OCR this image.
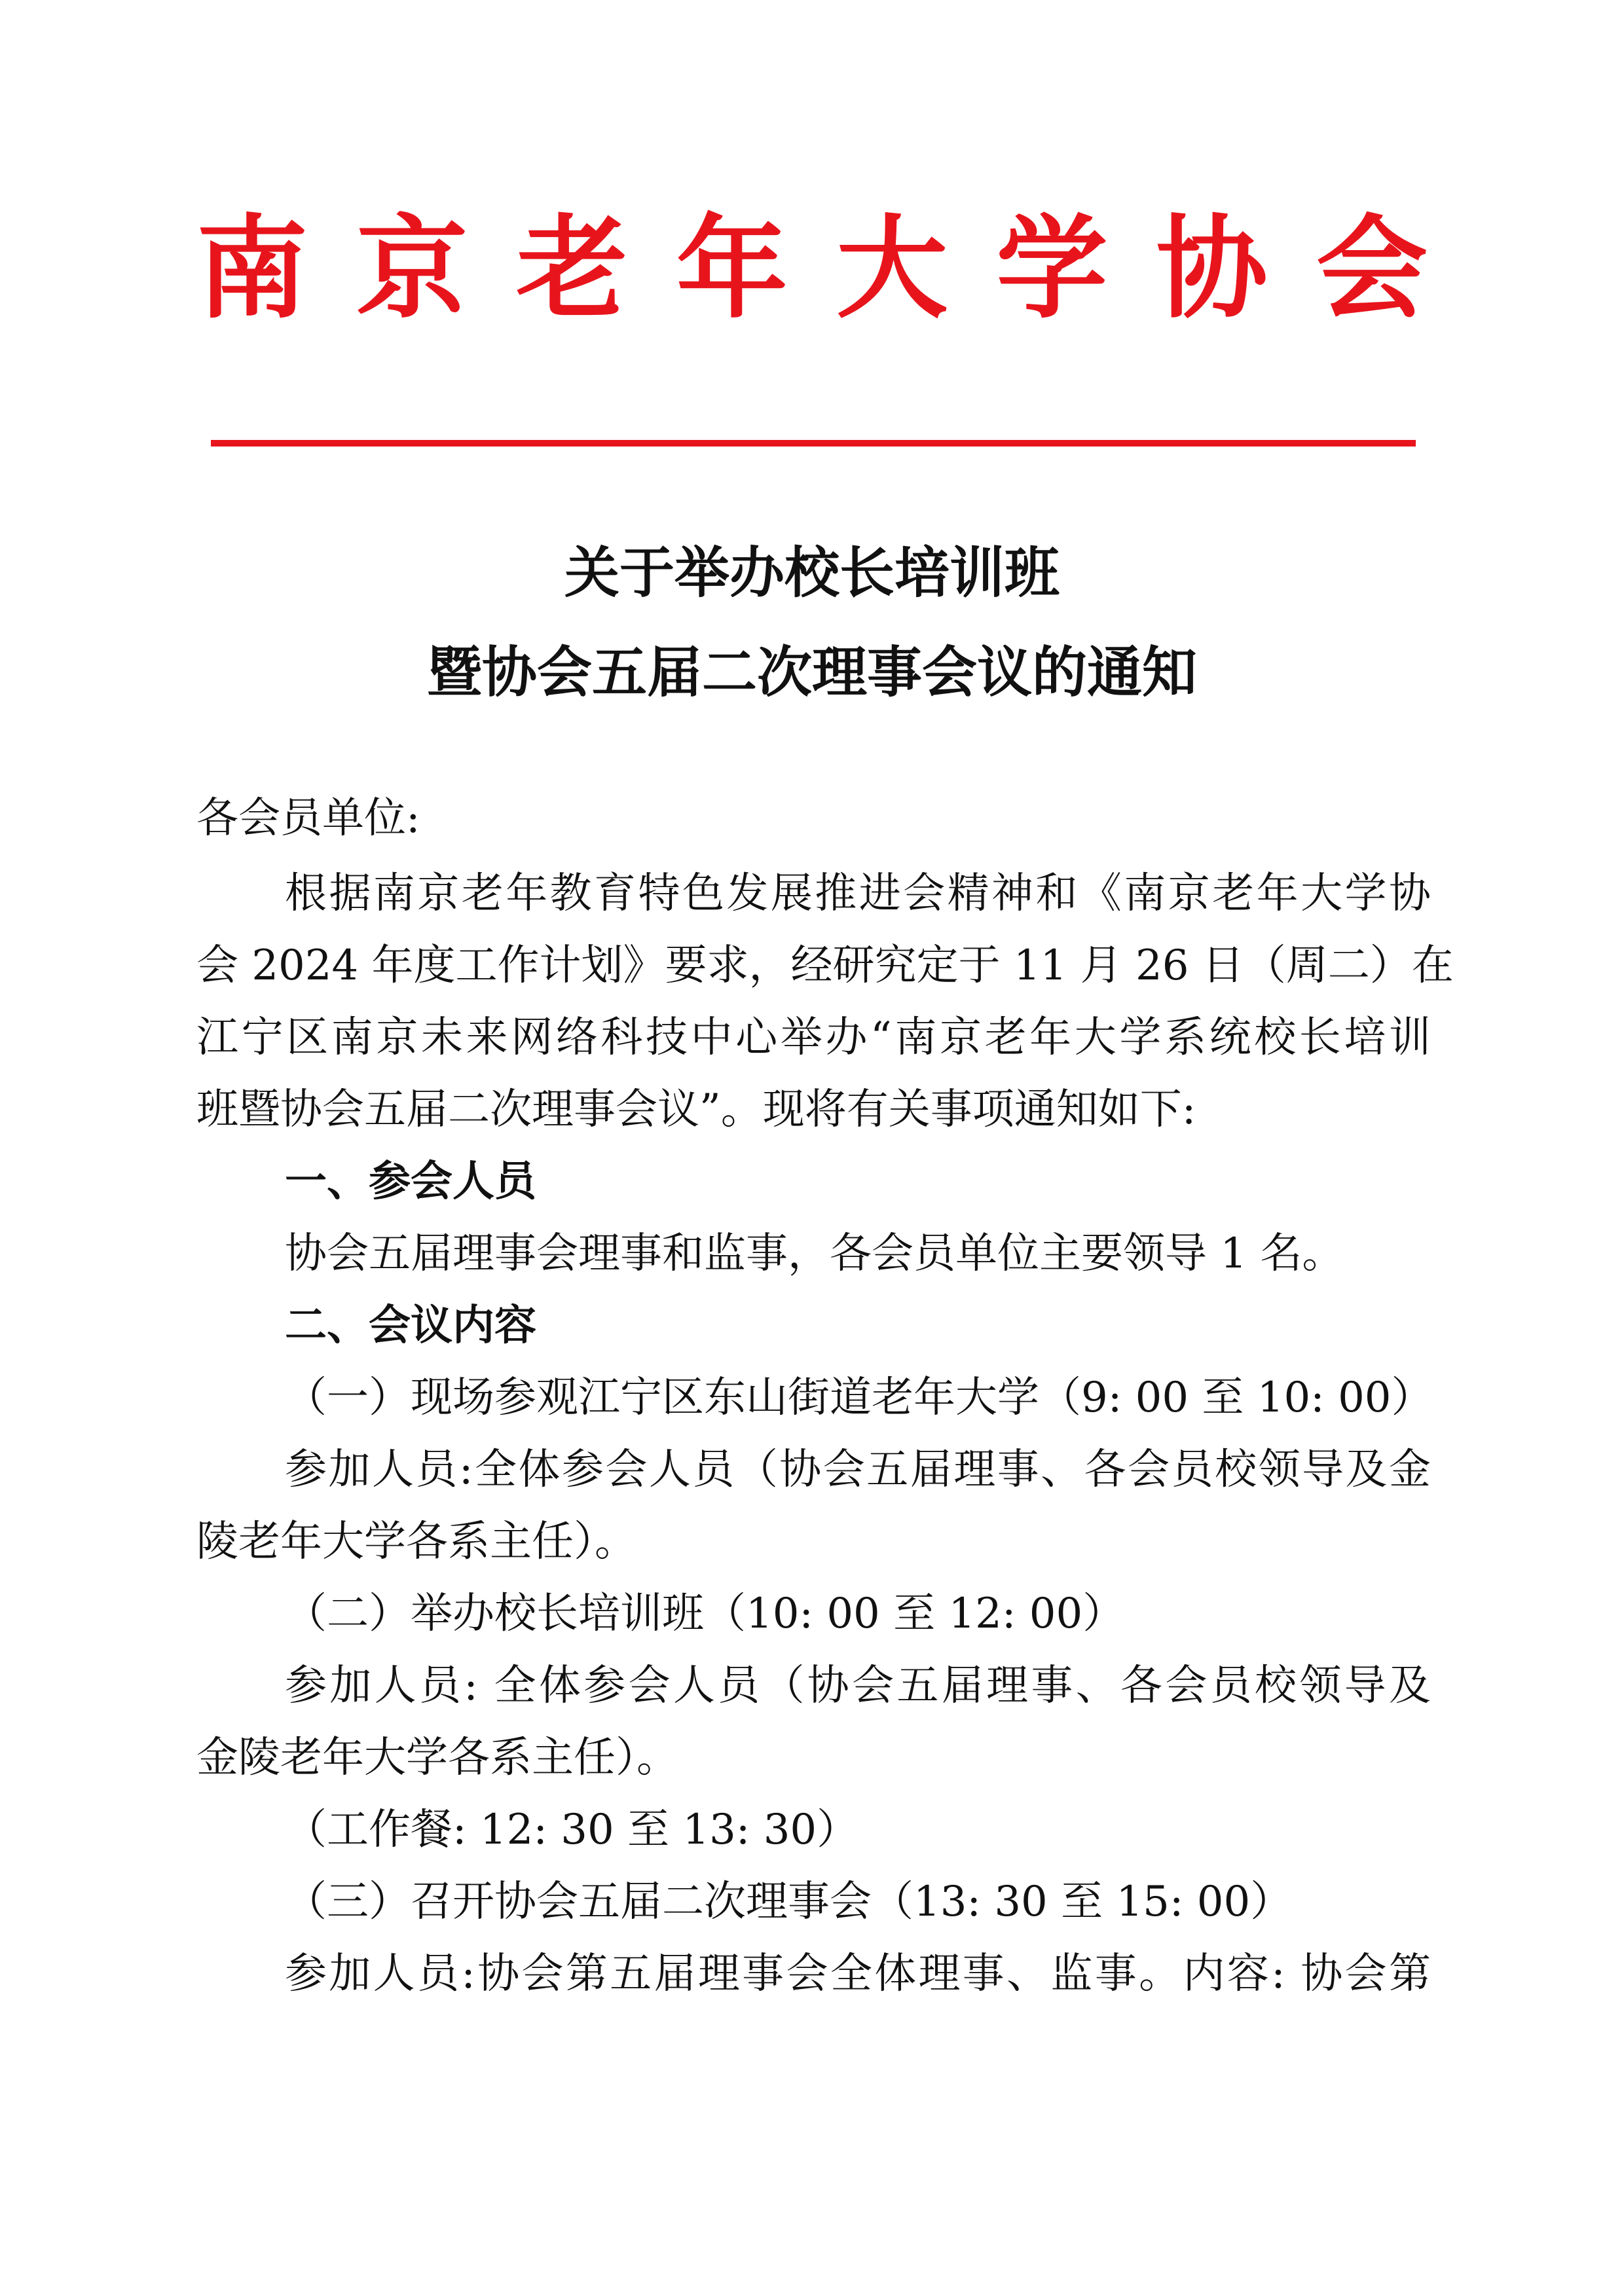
南 京 老 年 大 学 协 会
关于举办校长培训班
暨协会五届二次理事会议的通知
各会员单位:
根据南京老年教育特色发展推进会精神和《南京老年大学协
会 2024 年度工作计划》要求，经研究定于 11 月 26 日（周二）在
江宁区南京未来网络科技中心举办“南京老年大学系统校长培训
班暨协会五届二次理事会议”。现将有关事项通知如下:
一、参会人员
协会五届理事会理事和监事，各会员单位主要领导 1 名。
二、会议内容
（一）现场参观江宁区东山街道老年大学（9: 00 至 10: 00）
参加人员:全体参会人员（协会五届理事、各会员校领导及金
陵老年大学各系主任）。
（二）举办校长培训班（10: 00 至 12: 00）
参加人员: 全体参会人员（协会五届理事、各会员校领导及
金陵老年大学各系主任）。
（工作餐: 12: 30 至 13: 30）
（三）召开协会五届二次理事会（13: 30 至 15: 00）
参加人员:协会第五届理事会全体理事、监事。内容: 协会第
